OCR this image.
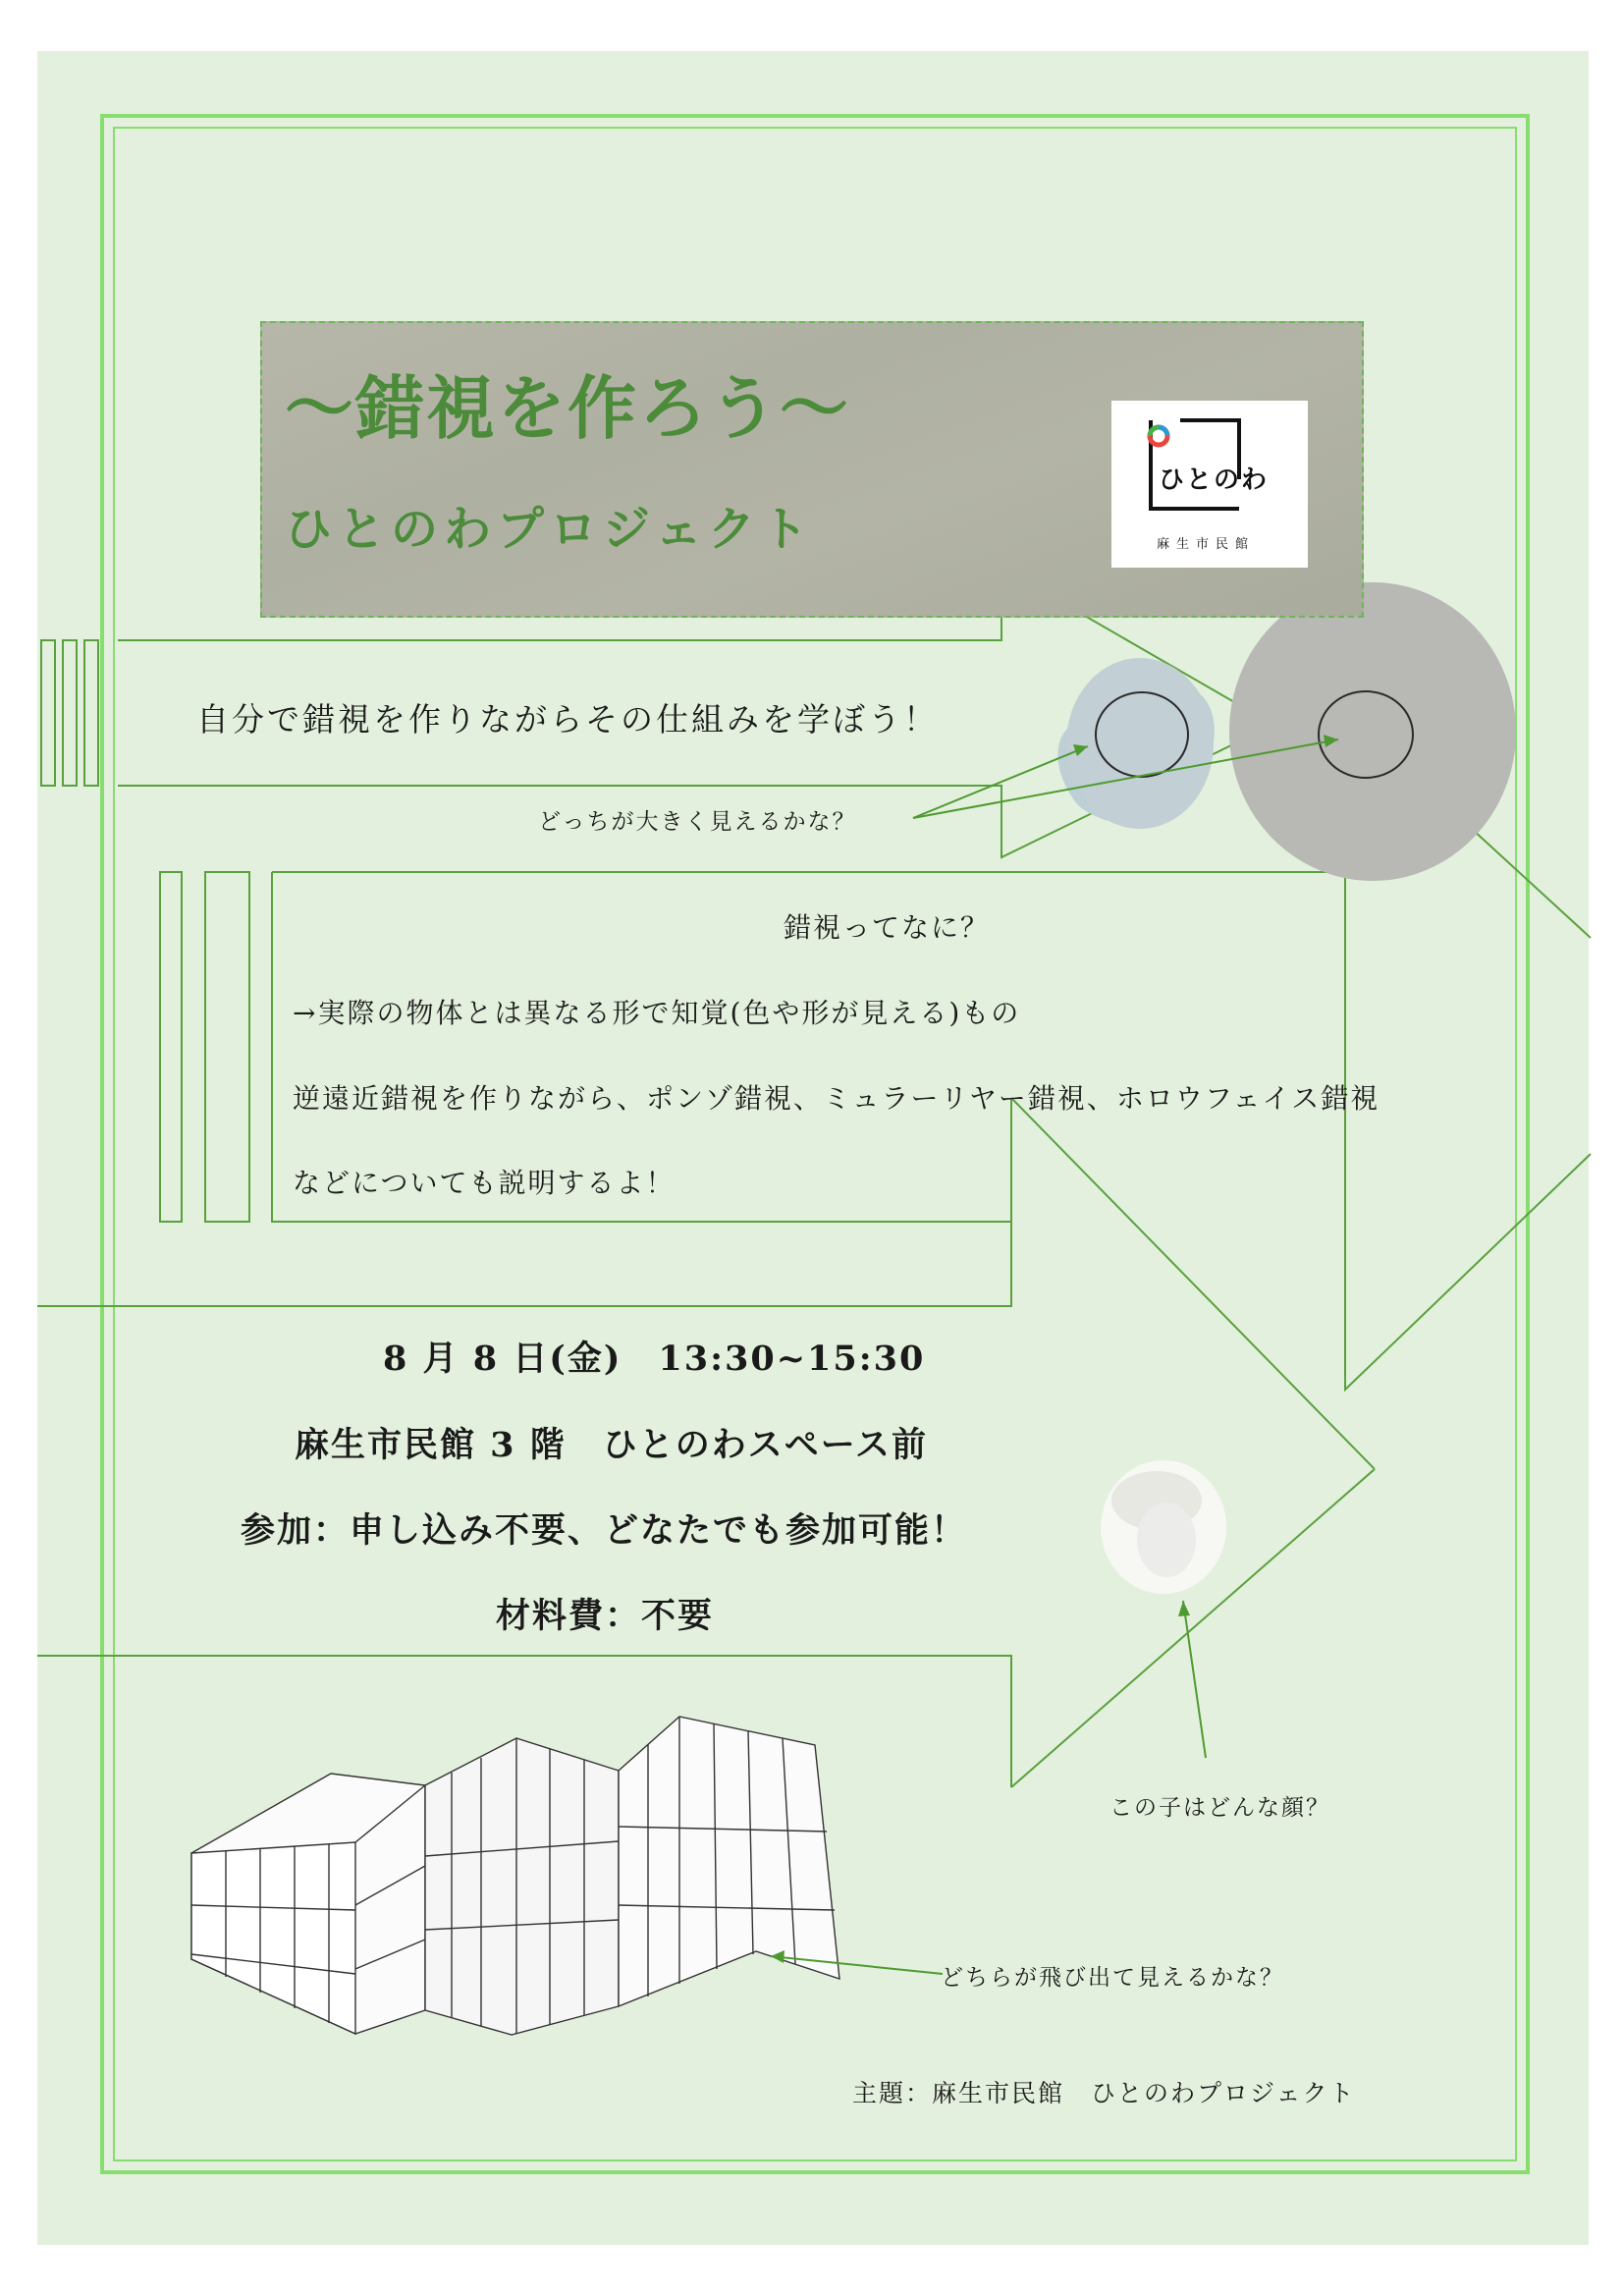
〜錯視を作ろう〜
ひとのわプロジェクト
ひとのわ
麻生市民館
自分で錯視を作りながらその仕組みを学ぼう！
どっちが大きく見えるかな？
錯視ってなに？
→実際の物体とは異なる形で知覚(色や形が見える)もの
逆遠近錯視を作りながら、ポンゾ錯視、ミュラーリヤー錯視、ホロウフェイス錯視
などについても説明するよ！
8 月 8 日(金)　13:30~15:30
麻生市民館 3 階　ひとのわスペース前
参加：申し込み不要、どなたでも参加可能！
材料費：不要
この子はどんな顔？
どちらが飛び出て見えるかな？
主題：麻生市民館　ひとのわプロジェクト
